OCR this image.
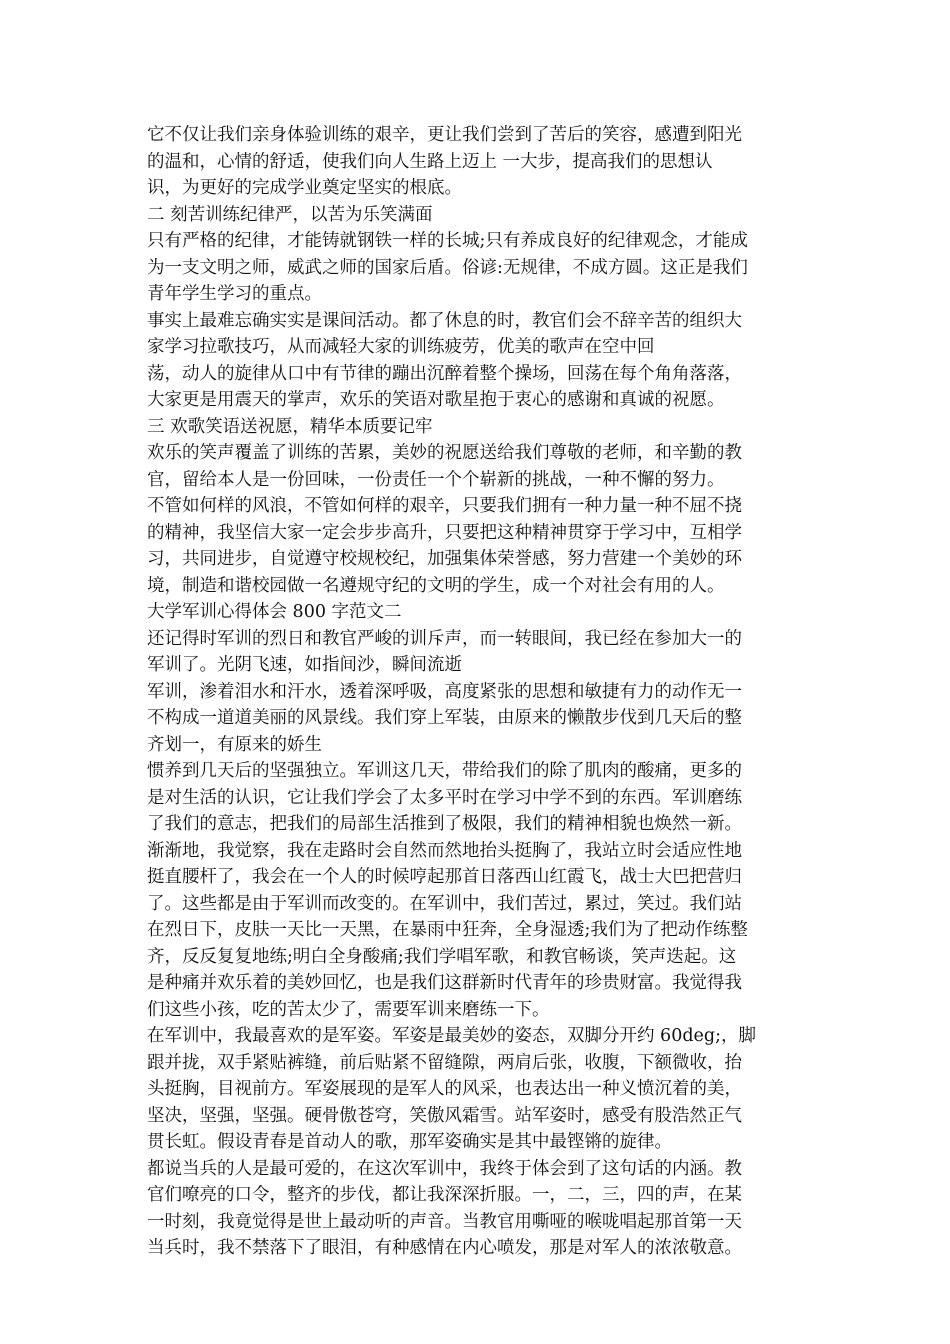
它不仅让我们亲身体验训练的艰辛，更让我们尝到了苦后的笑容，感遭到阳光
的温和，心情的舒适，使我们向人生路上迈上 一大步，提高我们的思想认
识，为更好的完成学业奠定坚实的根底。
二 刻苦训练纪律严，以苦为乐笑满面
只有严格的纪律，才能铸就钢铁一样的长城;只有养成良好的纪律观念，才能成
为一支文明之师，威武之师的国家后盾。俗谚:无规律，不成方圆。这正是我们
青年学生学习的重点。
事实上最难忘确实实是课间活动。都了休息的时，教官们会不辞辛苦的组织大
家学习拉歌技巧，从而减轻大家的训练疲劳，优美的歌声在空中回
荡，动人的旋律从口中有节律的蹦出沉醉着整个操场，回荡在每个角角落落，
大家更是用震天的掌声，欢乐的笑语对歌星抱于衷心的感谢和真诚的祝愿。
三 欢歌笑语送祝愿，精华本质要记牢
欢乐的笑声覆盖了训练的苦累，美妙的祝愿送给我们尊敬的老师，和辛勤的教
官，留给本人是一份回味，一份责任一个个崭新的挑战，一种不懈的努力。
不管如何样的风浪，不管如何样的艰辛，只要我们拥有一种力量一种不屈不挠
的精神，我坚信大家一定会步步高升，只要把这种精神贯穿于学习中，互相学
习，共同进步，自觉遵守校规校纪，加强集体荣誉感，努力营建一个美妙的环
境，制造和谐校园做一名遵规守纪的文明的学生，成一个对社会有用的人。
大学军训心得体会 800 字范文二
还记得时军训的烈日和教官严峻的训斥声，而一转眼间，我已经在参加大一的
军训了。光阴飞速，如指间沙，瞬间流逝
军训，渗着泪水和汗水，透着深呼吸，高度紧张的思想和敏捷有力的动作无一
不构成一道道美丽的风景线。我们穿上军装，由原来的懒散步伐到几天后的整
齐划一，有原来的娇生
惯养到几天后的坚强独立。军训这几天，带给我们的除了肌肉的酸痛，更多的
是对生活的认识，它让我们学会了太多平时在学习中学不到的东西。军训磨练
了我们的意志，把我们的局部生活推到了极限，我们的精神相貌也焕然一新。
渐渐地，我觉察，我在走路时会自然而然地抬头挺胸了，我站立时会适应性地
挺直腰杆了，我会在一个人的时候哼起那首日落西山红霞飞，战士大巴把营归
了。这些都是由于军训而改变的。在军训中，我们苦过，累过，笑过。我们站
在烈日下，皮肤一天比一天黑，在暴雨中狂奔，全身湿透;我们为了把动作练整
齐，反反复复地练;明白全身酸痛;我们学唱军歌，和教官畅谈，笑声迭起。这
是种痛并欢乐着的美妙回忆，也是我们这群新时代青年的珍贵财富。我觉得我
们这些小孩，吃的苦太少了，需要军训来磨练一下。
在军训中，我最喜欢的是军姿。军姿是最美妙的姿态，双脚分开约 60deg;，脚
跟并拢，双手紧贴裤缝，前后贴紧不留缝隙，两肩后张，收腹，下额微收，抬
头挺胸，目视前方。军姿展现的是军人的风采，也表达出一种义愤沉着的美，
坚决，坚强，坚强。硬骨傲苍穹，笑傲风霜雪。站军姿时，感受有股浩然正气
贯长虹。假设青春是首动人的歌，那军姿确实是其中最铿锵的旋律。
都说当兵的人是最可爱的，在这次军训中，我终于体会到了这句话的内涵。教
官们嘹亮的口令，整齐的步伐，都让我深深折服。一，二，三，四的声，在某
一时刻，我竟觉得是世上最动听的声音。当教官用嘶哑的喉咙唱起那首第一天
当兵时，我不禁落下了眼泪，有种感情在内心喷发，那是对军人的浓浓敬意。
